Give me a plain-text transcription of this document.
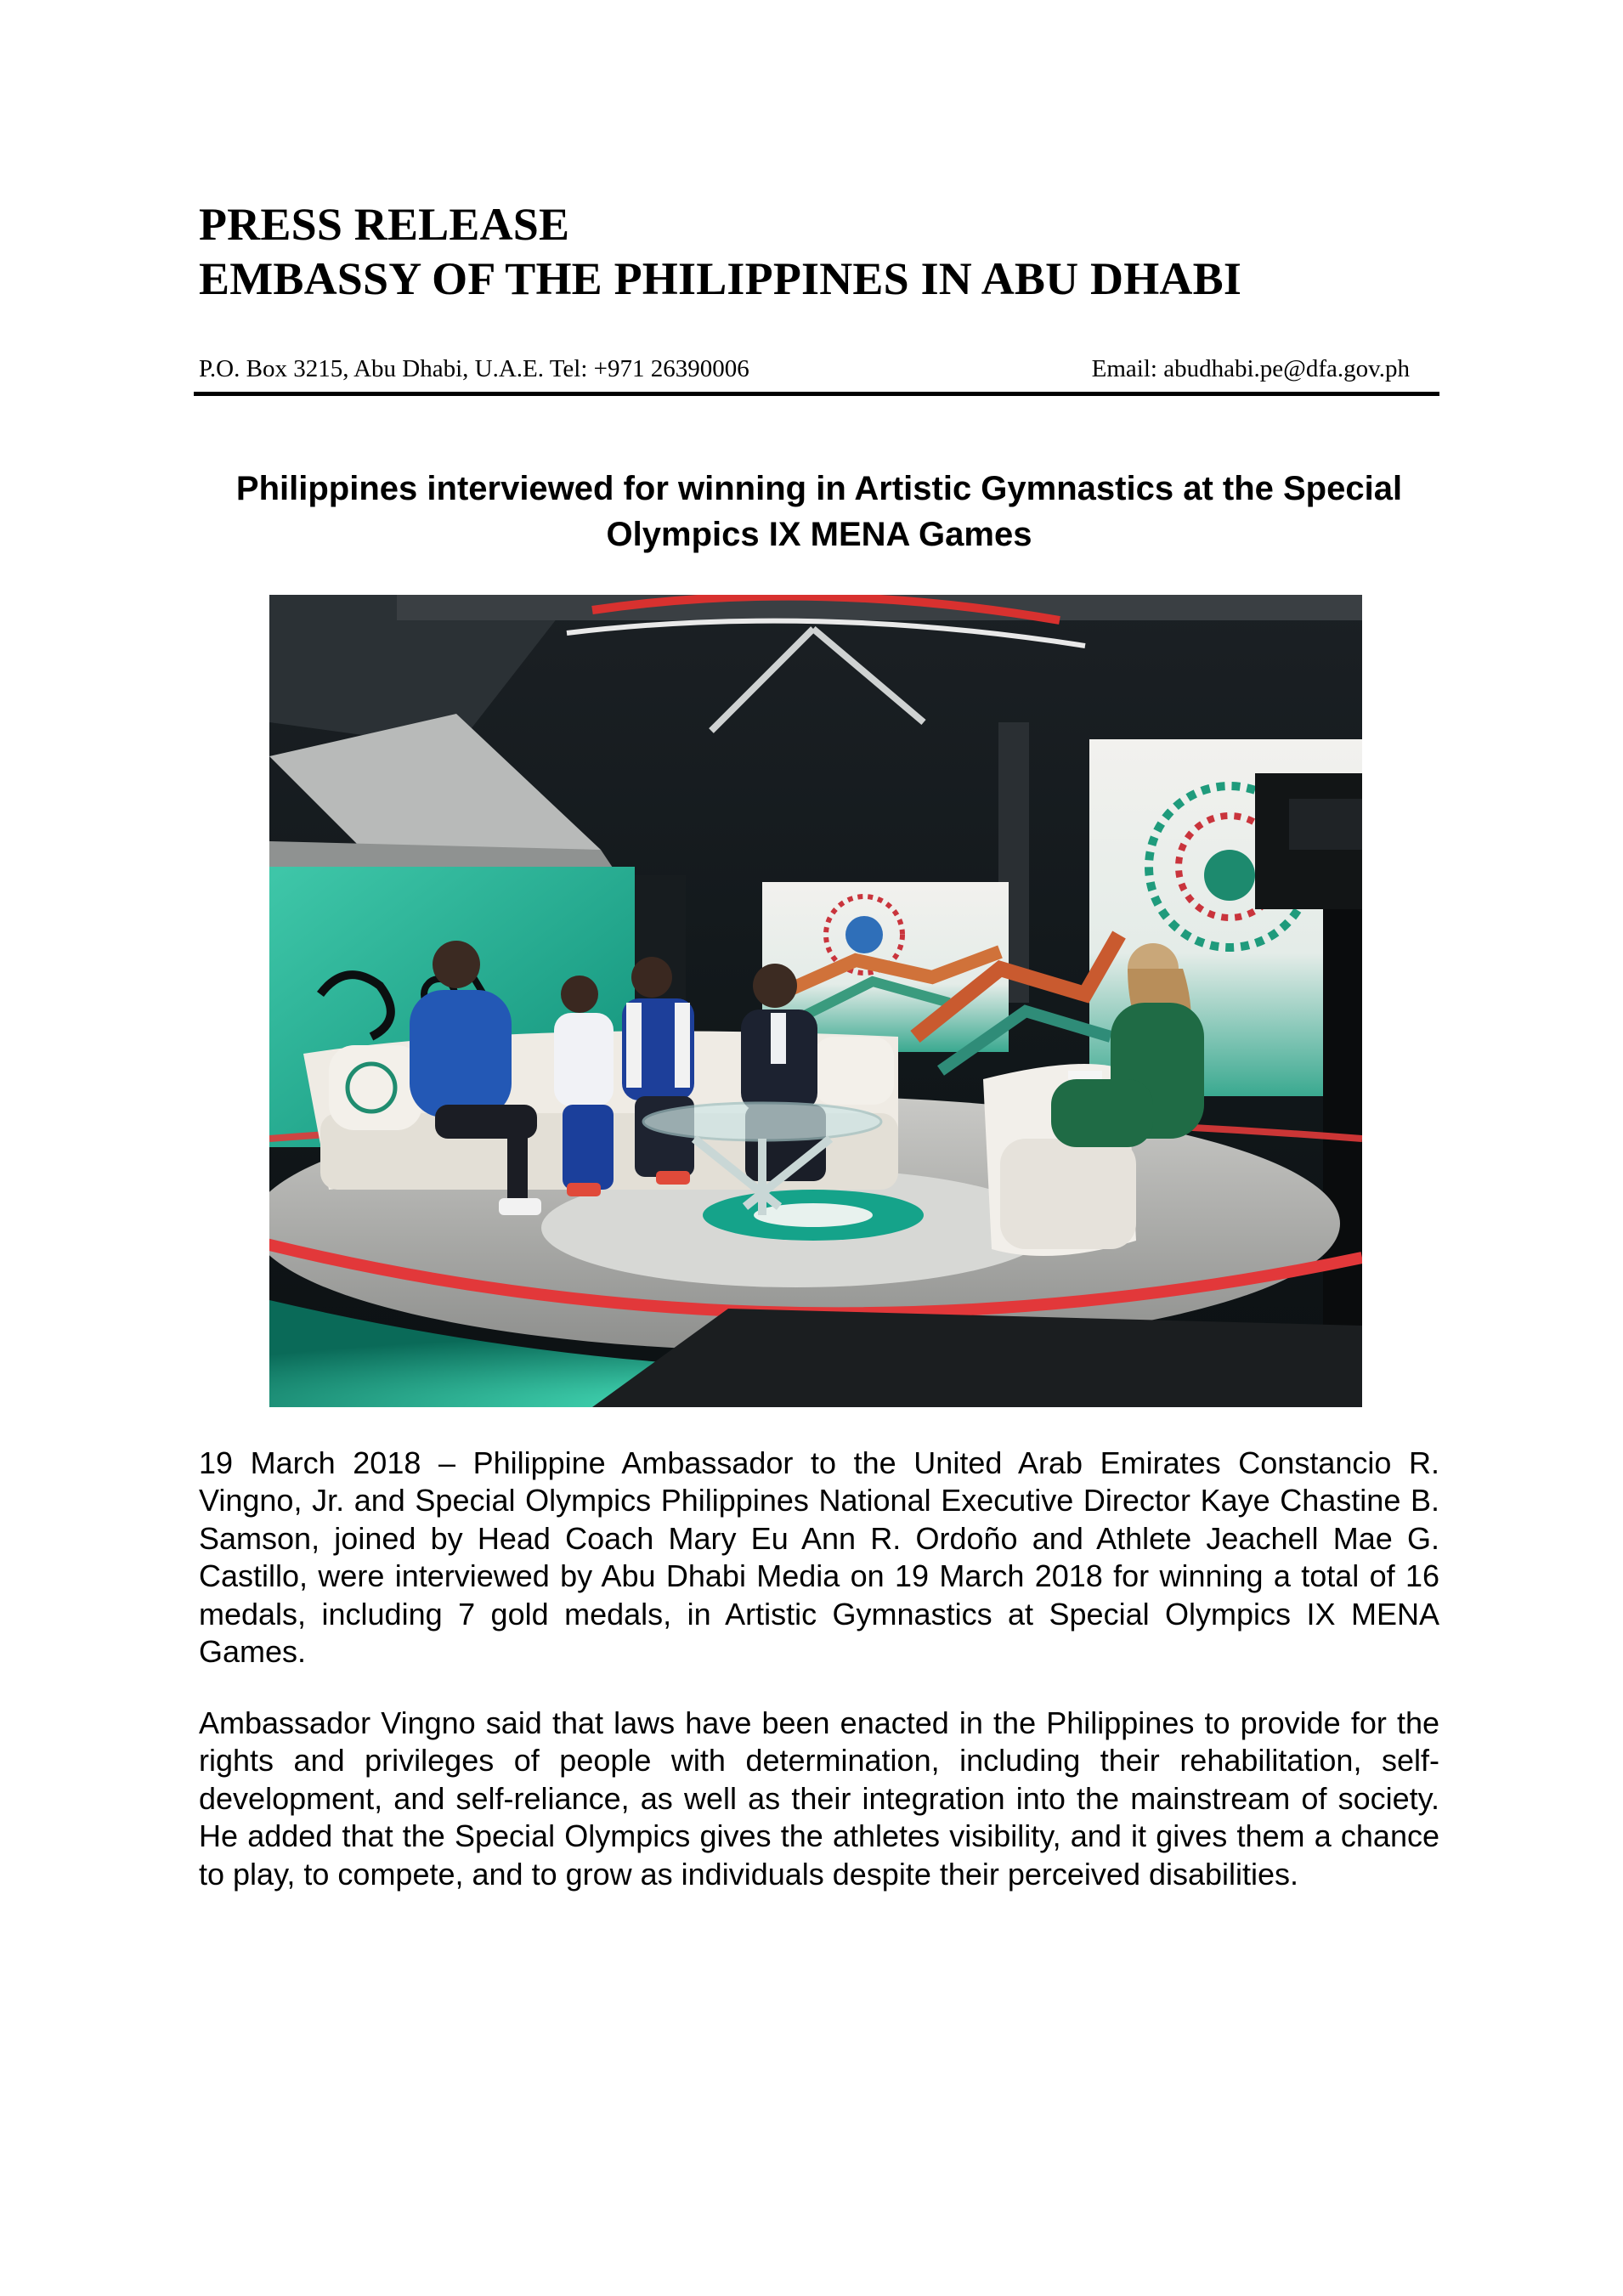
PRESS RELEASE
EMBASSY OF THE PHILIPPINES IN ABU DHABI
P.O. Box 3215, Abu Dhabi, U.A.E. Tel: +971 26390006	Email: abudhabi.pe@dfa.gov.ph
Philippines interviewed for winning in Artistic Gymnastics at the Special Olympics IX MENA Games

19 March 2018 – Philippine Ambassador to the United Arab Emirates Constancio R. Vingno, Jr. and Special Olympics Philippines National Executive Director Kaye Chastine B. Samson, joined by Head Coach Mary Eu Ann R. Ordoño and Athlete Jeachell Mae G. Castillo, were interviewed by Abu Dhabi Media on 19 March 2018 for winning a total of 16 medals, including 7 gold medals, in Artistic Gymnastics at Special Olympics IX MENA Games.

Ambassador Vingno said that laws have been enacted in the Philippines to provide for the rights and privileges of people with determination, including their rehabilitation, self-development, and self-reliance, as well as their integration into the mainstream of society. He added that the Special Olympics gives the athletes visibility, and it gives them a chance to play, to compete, and to grow as individuals despite their perceived disabilities.
